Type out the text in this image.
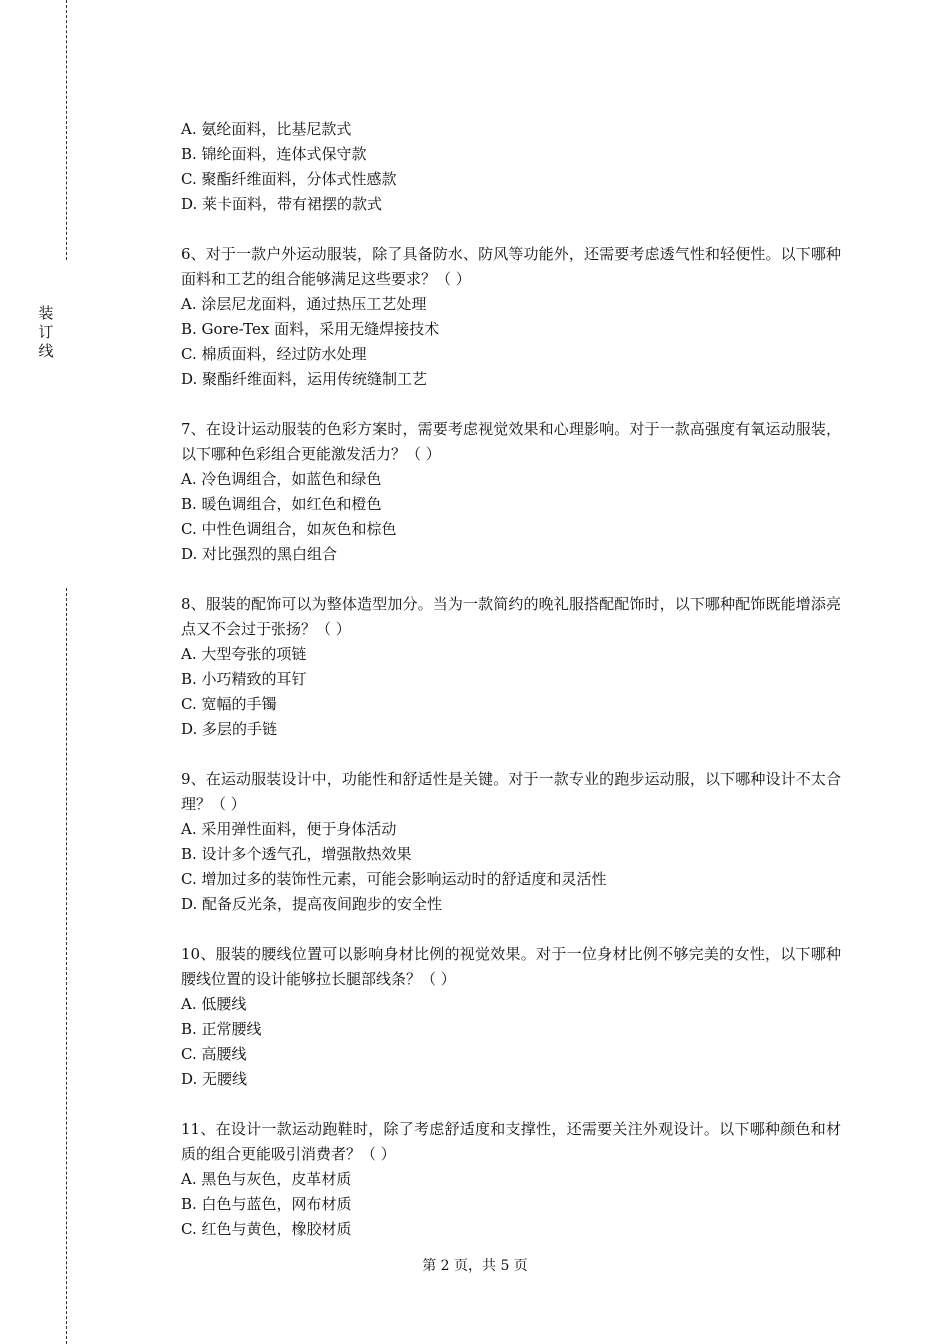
装
订
线
A. 氨纶面料，比基尼款式
B. 锦纶面料，连体式保守款
C. 聚酯纤维面料，分体式性感款
D. 莱卡面料，带有裙摆的款式
6、对于一款户外运动服装，除了具备防水、防风等功能外，还需要考虑透气性和轻便性。以下哪种面料和工艺的组合能够满足这些要求？（ ）
A. 涂层尼龙面料，通过热压工艺处理
B. Gore-Tex 面料，采用无缝焊接技术
C. 棉质面料，经过防水处理
D. 聚酯纤维面料，运用传统缝制工艺
7、在设计运动服装的色彩方案时，需要考虑视觉效果和心理影响。对于一款高强度有氧运动服装，以下哪种色彩组合更能激发活力？（ ）
A. 冷色调组合，如蓝色和绿色
B. 暖色调组合，如红色和橙色
C. 中性色调组合，如灰色和棕色
D. 对比强烈的黑白组合
8、服装的配饰可以为整体造型加分。当为一款简约的晚礼服搭配配饰时，以下哪种配饰既能增添亮点又不会过于张扬？（ ）
A. 大型夸张的项链
B. 小巧精致的耳钉
C. 宽幅的手镯
D. 多层的手链
9、在运动服装设计中，功能性和舒适性是关键。对于一款专业的跑步运动服，以下哪种设计不太合理？（ ）
A. 采用弹性面料，便于身体活动
B. 设计多个透气孔，增强散热效果
C. 增加过多的装饰性元素，可能会影响运动时的舒适度和灵活性
D. 配备反光条，提高夜间跑步的安全性
10、服装的腰线位置可以影响身材比例的视觉效果。对于一位身材比例不够完美的女性，以下哪种腰线位置的设计能够拉长腿部线条？（ ）
A. 低腰线
B. 正常腰线
C. 高腰线
D. 无腰线
11、在设计一款运动跑鞋时，除了考虑舒适度和支撑性，还需要关注外观设计。以下哪种颜色和材质的组合更能吸引消费者？（ ）
A. 黑色与灰色，皮革材质
B. 白色与蓝色，网布材质
C. 红色与黄色，橡胶材质
第 2 页，共 5 页
